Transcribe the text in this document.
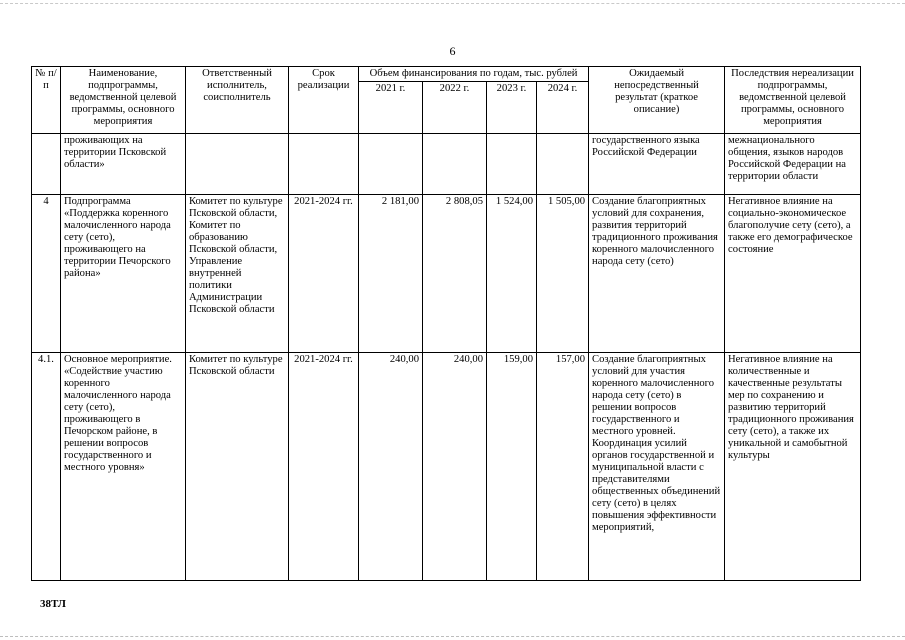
6
№ п/п	Наименование, подпрограммы, ведомственной целевой программы, основного мероприятия	Ответственный исполнитель, соисполнитель	Срок реализации	Объем финансирования по годам, тыс. рублей				Ожидаемый непосредственный результат (краткое описание)	Последствия нереализации подпрограммы, ведомственной целевой программы, основного мероприятия
				2021 г.	2022 г.	2023 г.	2024 г.		
	проживающих на территории Псковской области»							государственного языка Российской Федерации	межнационального общения, языков народов Российской Федерации на территории области
4	Подпрограмма «Поддержка коренного малочисленного народа сету (сето), проживающего на территории Печорского района»	Комитет по культуре Псковской области, Комитет по образованию Псковской области, Управление внутренней политики Администрации Псковской области	2021-2024 гг.	2 181,00	2 808,05	1 524,00	1 505,00	Создание благоприятных условий для сохранения, развития территорий традиционного проживания коренного малочисленного народа сету (сето)	Негативное влияние на социально-экономическое благополучие сету (сето), а также его демографическое состояние
4.1.	Основное мероприятие. «Содействие участию коренного малочисленного народа сету (сето), проживающего в Печорском районе, в решении вопросов государственного и местного уровня»	Комитет по культуре Псковской области	2021-2024 гг.	240,00	240,00	159,00	157,00	Создание благоприятных условий для участия коренного малочисленного народа сету (сето) в решении вопросов государственного и местного уровней. Координация усилий органов государственной и муниципальной власти с представителями общественных объединений сету (сето) в целях повышения эффективности мероприятий,	Негативное влияние на количественные и качественные результаты мер по сохранению и развитию территорий традиционного проживания сету (сето), а также их уникальной и самобытной культуры
38ТЛ
